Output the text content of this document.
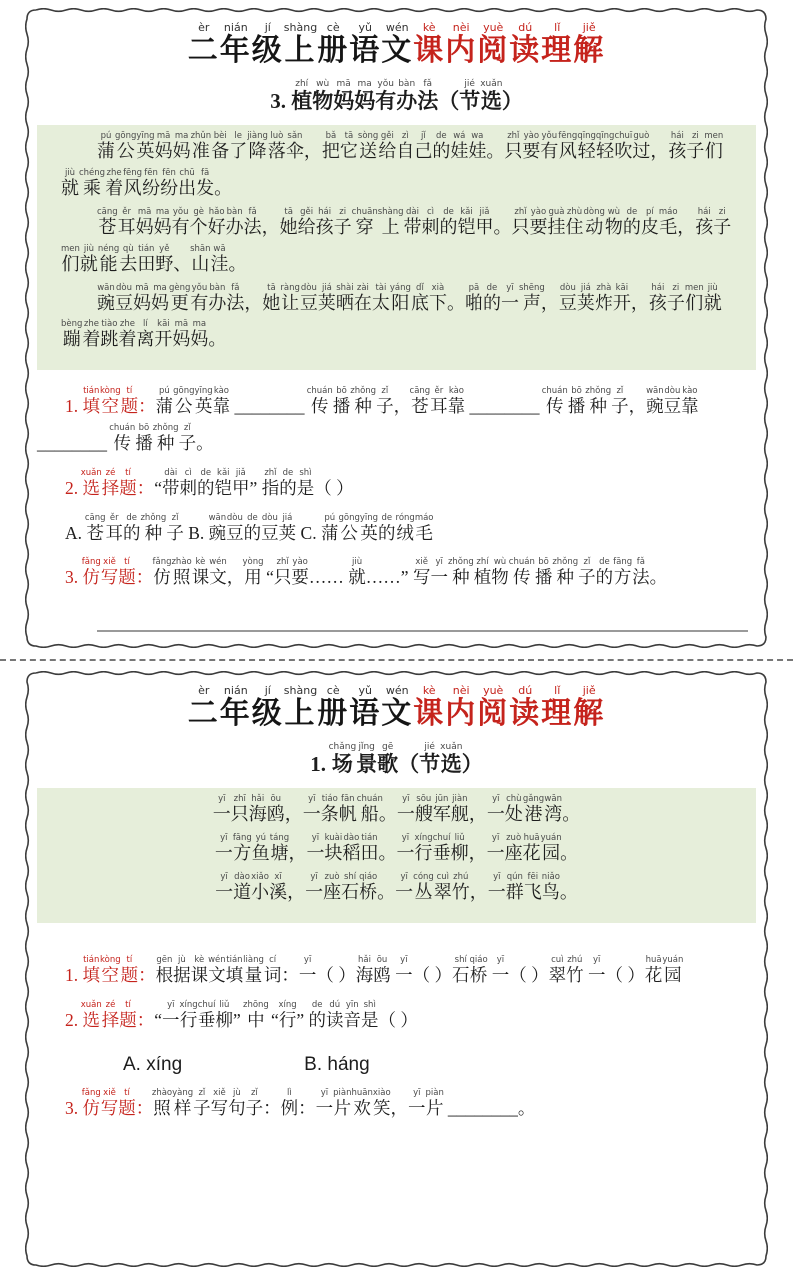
二èr年nián级jí上shàng册cè语yǔ文wén课kè内nèi阅yuè读dú理lǐ解jiě
3. 植zhí物wù妈mā妈ma有yǒu办bàn法fǎ（节jié选xuǎn）

蒲pú公gōng英yīng妈mā妈ma准zhǔn备bèi了le降jiàng落luò伞sǎn，把bǎ它tā送sòng给gěi自zì己jǐ的de娃wá娃wa。只zhǐ要yào有yǒu风fēng轻qīng轻qīng吹chuī过guò，孩hái子zi们men就jiù乘chéng着zhe风fēng纷fēn纷fēn出chū发fā。

苍cāng耳ěr妈mā妈ma有yǒu个gè好hǎo办bàn法fǎ，她tā给gěi孩hái子zi穿chuān上shàng带dài刺cì的de铠kǎi甲jiǎ。只zhǐ要yào挂guà住zhù动dòng物wù的de皮pí毛máo，孩hái子zi们men就jiù能néng去qù田tián野yě、山shān洼wā。

豌wān豆dòu妈mā妈ma更gèng有yǒu办bàn法fǎ，她tā让ràng豆dòu荚jiá晒shài在zài太tài阳yáng底dǐ下xià。啪pā的de一yī声shēng，豆dòu荚jiá炸zhà开kāi，孩hái子zi们men就jiù蹦bèng着zhe跳tiào着zhe离lí开kāi妈mā妈ma。

1. 填tián空kòng题tí：蒲pú公gōng英yīng靠kào ________ 传chuán播bō种zhǒng子zǐ，苍cāng耳ěr靠kào ________ 传chuán播bō种zhǒng子zǐ，豌wān豆dòu靠kào ________ 传chuán播bō种zhǒng子zǐ。

2. 选xuǎn择zé题tí：“带dài刺cì的de铠kǎi甲jiǎ” 指zhǐ的de是shì（ ）

A. 苍cāng耳ěr的de种zhǒng子zǐ B. 豌wān豆dòu的de豆dòu荚jiá C. 蒲pú公gōng英yīng的de绒róng毛máo

3. 仿fǎng写xiě题tí：仿fǎng照zhào课kè文wén，用yòng “只zhǐ要yào…… 就jiù……” 写xiě一yī种zhǒng植zhí物wù传chuán播bō种zhǒng子zǐ的de方fāng法fǎ。

二èr年nián级jí上shàng册cè语yǔ文wén课kè内nèi阅yuè读dú理lǐ解jiě
1. 场chǎng景jǐng歌gē（节jié选xuǎn）

一yī只zhī海hǎi鸥ōu，一yī条tiáo帆fān船chuán。一yī艘sōu军jūn舰jiàn，一yī处chù港gǎng湾wān。

一yī方fāng鱼yú塘táng，一yī块kuài稻dào田tián。一yī行xíng垂chuí柳liǔ，一yī座zuò花huā园yuán。

一yī道dào小xiǎo溪xī，一yī座zuò石shí桥qiáo。一yī丛cóng翠cuì竹zhú，一yī群qún飞fēi鸟niǎo。

1. 填tián空kòng题tí：根gēn据jù课kè文wén填tián量liàng词cí：一yī（ ）海hǎi鸥ōu 一yī（ ）石shí桥qiáo 一yī（ ）翠cuì竹zhú 一yī（ ）花huā园yuán

2. 选xuǎn择zé题tí：“一yī行xíng垂chuí柳liǔ” 中zhōng “行xíng” 的de读dú音yīn是shì（ ）

A. xíng	B. háng

3. 仿fǎng写xiě题tí：照zhào样yàng子zǐ写xiě句jù子zǐ：例lì：一yī片piàn欢huān笑xiào，一yī片piàn ________。
